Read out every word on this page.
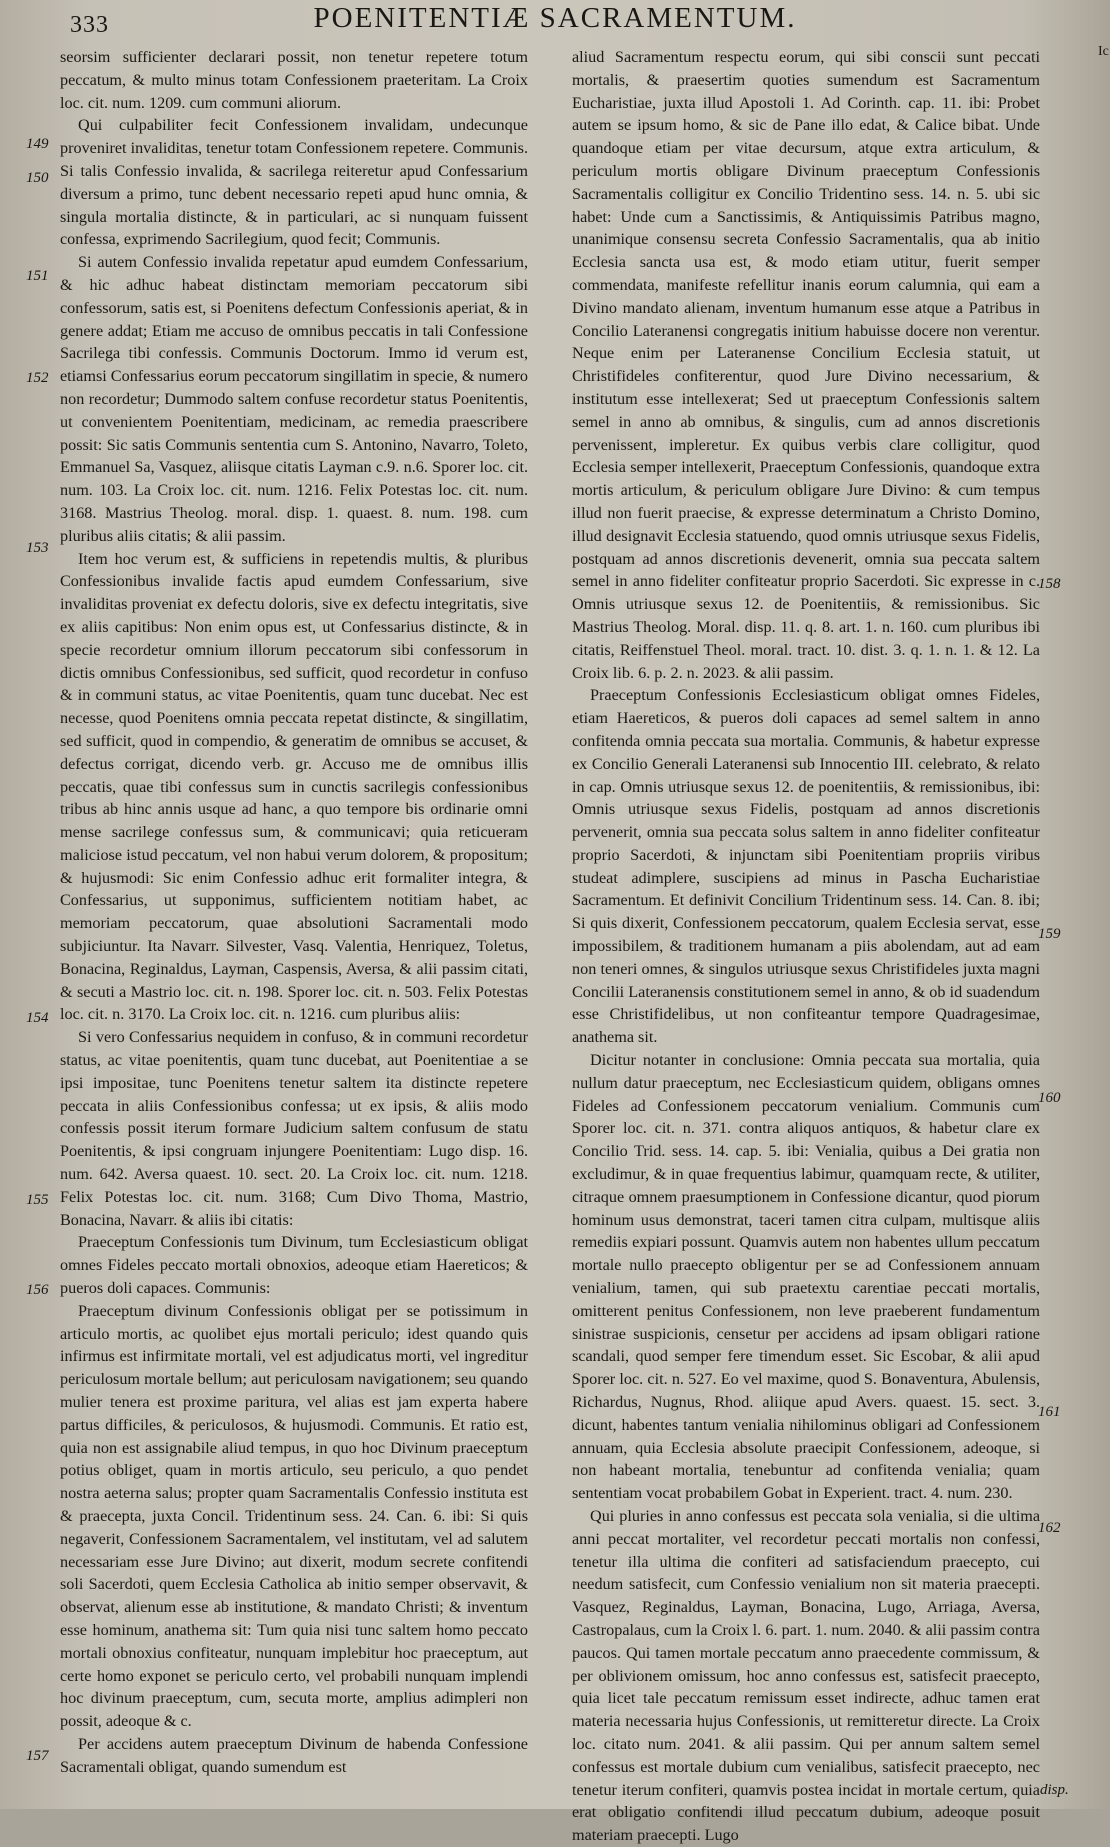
POENITENTIÆ SACRAMENTUM.
333
Ic

seorsim sufficienter declarari possit, non tenetur repetere totum peccatum, & multo minus totam Confessionem praeteritam. La Croix loc. cit. num. 1209. cum communi aliorum.

Qui culpabiliter fecit Confessionem invalidam, undecunque proveniret invaliditas, tenetur totam Confessionem repetere. Communis. Si talis Confessio invalida, & sacrilega reiteretur apud Confessarium diversum a primo, tunc debent necessario repeti apud hunc omnia, & singula mortalia distincte, & in particulari, ac si nunquam fuissent confessa, exprimendo Sacrilegium, quod fecit; Communis.

Si autem Confessio invalida repetatur apud eumdem Confessarium, & hic adhuc habeat distinctam memoriam peccatorum sibi confessorum, satis est, si Poenitens defectum Confessionis aperiat, & in genere addat; Etiam me accuso de omnibus peccatis in tali Confessione Sacrilega tibi confessis. Communis Doctorum. Immo id verum est, etiamsi Confessarius eorum peccatorum singillatim in specie, & numero non recordetur; Dummodo saltem confuse recordetur status Poenitentis, ut convenientem Poenitentiam, medicinam, ac remedia praescribere possit: Sic satis Communis sententia cum S. Antonino, Navarro, Toleto, Emmanuel Sa, Vasquez, aliisque citatis Layman c.9. n.6. Sporer loc. cit. num. 103. La Croix loc. cit. num. 1216. Felix Potestas loc. cit. num. 3168. Mastrius Theolog. moral. disp. 1. quaest. 8. num. 198. cum pluribus aliis citatis; & alii passim.

Item hoc verum est, & sufficiens in repetendis multis, & pluribus Confessionibus invalide factis apud eumdem Confessarium, sive invaliditas proveniat ex defectu doloris, sive ex defectu integritatis, sive ex aliis capitibus: Non enim opus est, ut Confessarius distincte, & in specie recordetur omnium illorum peccatorum sibi confessorum in dictis omnibus Confessionibus, sed sufficit, quod recordetur in confuso & in communi status, ac vitae Poenitentis, quam tunc ducebat. Nec est necesse, quod Poenitens omnia peccata repetat distincte, & singillatim, sed sufficit, quod in compendio, & generatim de omnibus se accuset, & defectus corrigat, dicendo verb. gr. Accuso me de omnibus illis peccatis, quae tibi confessus sum in cunctis sacrilegis confessionibus tribus ab hinc annis usque ad hanc, a quo tempore bis ordinarie omni mense sacrilege confessus sum, & communicavi; quia reticueram maliciose istud peccatum, vel non habui verum dolorem, & propositum; & hujusmodi: Sic enim Confessio adhuc erit formaliter integra, & Confessarius, ut supponimus, sufficientem notitiam habet, ac memoriam peccatorum, quae absolutioni Sacramentali modo subjiciuntur. Ita Navarr. Silvester, Vasq. Valentia, Henriquez, Toletus, Bonacina, Reginaldus, Layman, Caspensis, Aversa, & alii passim citati, & secuti a Mastrio loc. cit. n. 198. Sporer loc. cit. n. 503. Felix Potestas loc. cit. n. 3170. La Croix loc. cit. n. 1216. cum pluribus aliis:

Si vero Confessarius nequidem in confuso, & in communi recordetur status, ac vitae poenitentis, quam tunc ducebat, aut Poenitentiae a se ipsi impositae, tunc Poenitens tenetur saltem ita distincte repetere peccata in aliis Confessionibus confessa; ut ex ipsis, & aliis modo confessis possit iterum formare Judicium saltem confusum de statu Poenitentis, & ipsi congruam injungere Poenitentiam: Lugo disp. 16. num. 642. Aversa quaest. 10. sect. 20. La Croix loc. cit. num. 1218. Felix Potestas loc. cit. num. 3168; Cum Divo Thoma, Mastrio, Bonacina, Navarr. & aliis ibi citatis:

Praeceptum Confessionis tum Divinum, tum Ecclesiasticum obligat omnes Fideles peccato mortali obnoxios, adeoque etiam Haereticos; & pueros doli capaces. Communis:

Praeceptum divinum Confessionis obligat per se potissimum in articulo mortis, ac quolibet ejus mortali periculo; idest quando quis infirmus est infirmitate mortali, vel est adjudicatus morti, vel ingreditur periculosum mortale bellum; aut periculosam navigationem; seu quando mulier tenera est proxime paritura, vel alias est jam experta habere partus difficiles, & periculosos, & hujusmodi. Communis. Et ratio est, quia non est assignabile aliud tempus, in quo hoc Divinum praeceptum potius obliget, quam in mortis articulo, seu periculo, a quo pendet nostra aeterna salus; propter quam Sacramentalis Confessio instituta est & praecepta, juxta Concil. Tridentinum sess. 24. Can. 6. ibi: Si quis negaverit, Confessionem Sacramentalem, vel institutam, vel ad salutem necessariam esse Jure Divino; aut dixerit, modum secrete confitendi soli Sacerdoti, quem Ecclesia Catholica ab initio semper observavit, & observat, alienum esse ab institutione, & mandato Christi; & inventum esse hominum, anathema sit: Tum quia nisi tunc saltem homo peccato mortali obnoxius confiteatur, nunquam implebitur hoc praeceptum, aut certe homo exponet se periculo certo, vel probabili nunquam implendi hoc divinum praeceptum, cum, secuta morte, amplius adimpleri non possit, adeoque & c.

Per accidens autem praeceptum Divinum de habenda Confessione Sacramentali obligat, quando sumendum est

aliud Sacramentum respectu eorum, qui sibi conscii sunt peccati mortalis, & praesertim quoties sumendum est Sacramentum Eucharistiae, juxta illud Apostoli 1. Ad Corinth. cap. 11. ibi: Probet autem se ipsum homo, & sic de Pane illo edat, & Calice bibat. Unde quandoque etiam per vitae decursum, atque extra articulum, & periculum mortis obligare Divinum praeceptum Confessionis Sacramentalis colligitur ex Concilio Tridentino sess. 14. n. 5. ubi sic habet: Unde cum a Sanctissimis, & Antiquissimis Patribus magno, unanimique consensu secreta Confessio Sacramentalis, qua ab initio Ecclesia sancta usa est, & modo etiam utitur, fuerit semper commendata, manifeste refellitur inanis eorum calumnia, qui eam a Divino mandato alienam, inventum humanum esse atque a Patribus in Concilio Lateranensi congregatis initium habuisse docere non verentur. Neque enim per Lateranense Concilium Ecclesia statuit, ut Christifideles confiterentur, quod Jure Divino necessarium, & institutum esse intellexerat; Sed ut praeceptum Confessionis saltem semel in anno ab omnibus, & singulis, cum ad annos discretionis pervenissent, impleretur. Ex quibus verbis clare colligitur, quod Ecclesia semper intellexerit, Praeceptum Confessionis, quandoque extra mortis articulum, & periculum obligare Jure Divino: & cum tempus illud non fuerit praecise, & expresse determinatum a Christo Domino, illud designavit Ecclesia statuendo, quod omnis utriusque sexus Fidelis, postquam ad annos discretionis devenerit, omnia sua peccata saltem semel in anno fideliter confiteatur proprio Sacerdoti. Sic expresse in c. Omnis utriusque sexus 12. de Poenitentiis, & remissionibus. Sic Mastrius Theolog. Moral. disp. 11. q. 8. art. 1. n. 160. cum pluribus ibi citatis, Reiffenstuel Theol. moral. tract. 10. dist. 3. q. 1. n. 1. & 12. La Croix lib. 6. p. 2. n. 2023. & alii passim.

Praeceptum Confessionis Ecclesiasticum obligat omnes Fideles, etiam Haereticos, & pueros doli capaces ad semel saltem in anno confitenda omnia peccata sua mortalia. Communis, & habetur expresse ex Concilio Generali Lateranensi sub Innocentio III. celebrato, & relato in cap. Omnis utriusque sexus 12. de poenitentiis, & remissionibus, ibi: Omnis utriusque sexus Fidelis, postquam ad annos discretionis pervenerit, omnia sua peccata solus saltem in anno fideliter confiteatur proprio Sacerdoti, & injunctam sibi Poenitentiam propriis viribus studeat adimplere, suscipiens ad minus in Pascha Eucharistiae Sacramentum. Et definivit Concilium Tridentinum sess. 14. Can. 8. ibi; Si quis dixerit, Confessionem peccatorum, qualem Ecclesia servat, esse impossibilem, & traditionem humanam a piis abolendam, aut ad eam non teneri omnes, & singulos utriusque sexus Christifideles juxta magni Concilii Lateranensis constitutionem semel in anno, & ob id suadendum esse Christifidelibus, ut non confiteantur tempore Quadragesimae, anathema sit.

Dicitur notanter in conclusione: Omnia peccata sua mortalia, quia nullum datur praeceptum, nec Ecclesiasticum quidem, obligans omnes Fideles ad Confessionem peccatorum venialium. Communis cum Sporer loc. cit. n. 371. contra aliquos antiquos, & habetur clare ex Concilio Trid. sess. 14. cap. 5. ibi: Venialia, quibus a Dei gratia non excludimur, & in quae frequentius labimur, quamquam recte, & utiliter, citraque omnem praesumptionem in Confessione dicantur, quod piorum hominum usus demonstrat, taceri tamen citra culpam, multisque aliis remediis expiari possunt. Quamvis autem non habentes ullum peccatum mortale nullo praecepto obligentur per se ad Confessionem annuam venialium, tamen, qui sub praetextu carentiae peccati mortalis, omitterent penitus Confessionem, non leve praeberent fundamentum sinistrae suspicionis, censetur per accidens ad ipsam obligari ratione scandali, quod semper fere timendum esset. Sic Escobar, & alii apud Sporer loc. cit. n. 527. Eo vel maxime, quod S. Bonaventura, Abulensis, Richardus, Nugnus, Rhod. aliique apud Avers. quaest. 15. sect. 3. dicunt, habentes tantum venialia nihilominus obligari ad Confessionem annuam, quia Ecclesia absolute praecipit Confessionem, adeoque, si non habeant mortalia, tenebuntur ad confitenda venialia; quam sententiam vocat probabilem Gobat in Experient. tract. 4. num. 230.

Qui pluries in anno confessus est peccata sola venialia, si die ultima anni peccat mortaliter, vel recordetur peccati mortalis non confessi, tenetur illa ultima die confiteri ad satisfaciendum praecepto, cui needum satisfecit, cum Confessio venialium non sit materia praecepti. Vasquez, Reginaldus, Layman, Bonacina, Lugo, Arriaga, Aversa, Castropalaus, cum la Croix l. 6. part. 1. num. 2040. & alii passim contra paucos. Qui tamen mortale peccatum anno praecedente commissum, & per oblivionem omissum, hoc anno confessus est, satisfecit praecepto, quia licet tale peccatum remissum esset indirecte, adhuc tamen erat materia necessaria hujus Confessionis, ut remitteretur directe. La Croix loc. citato num. 2041. & alii passim. Qui per annum saltem semel confessus est mortale dubium cum venialibus, satisfecit praecepto, nec tenetur iterum confiteri, quamvis postea incidat in mortale certum, quia erat obligatio confitendi illud peccatum dubium, adeoque posuit materiam praecepti. Lugo

149
150
151
152
153
154
155
156
157
158
159
160
161
162
disp.
